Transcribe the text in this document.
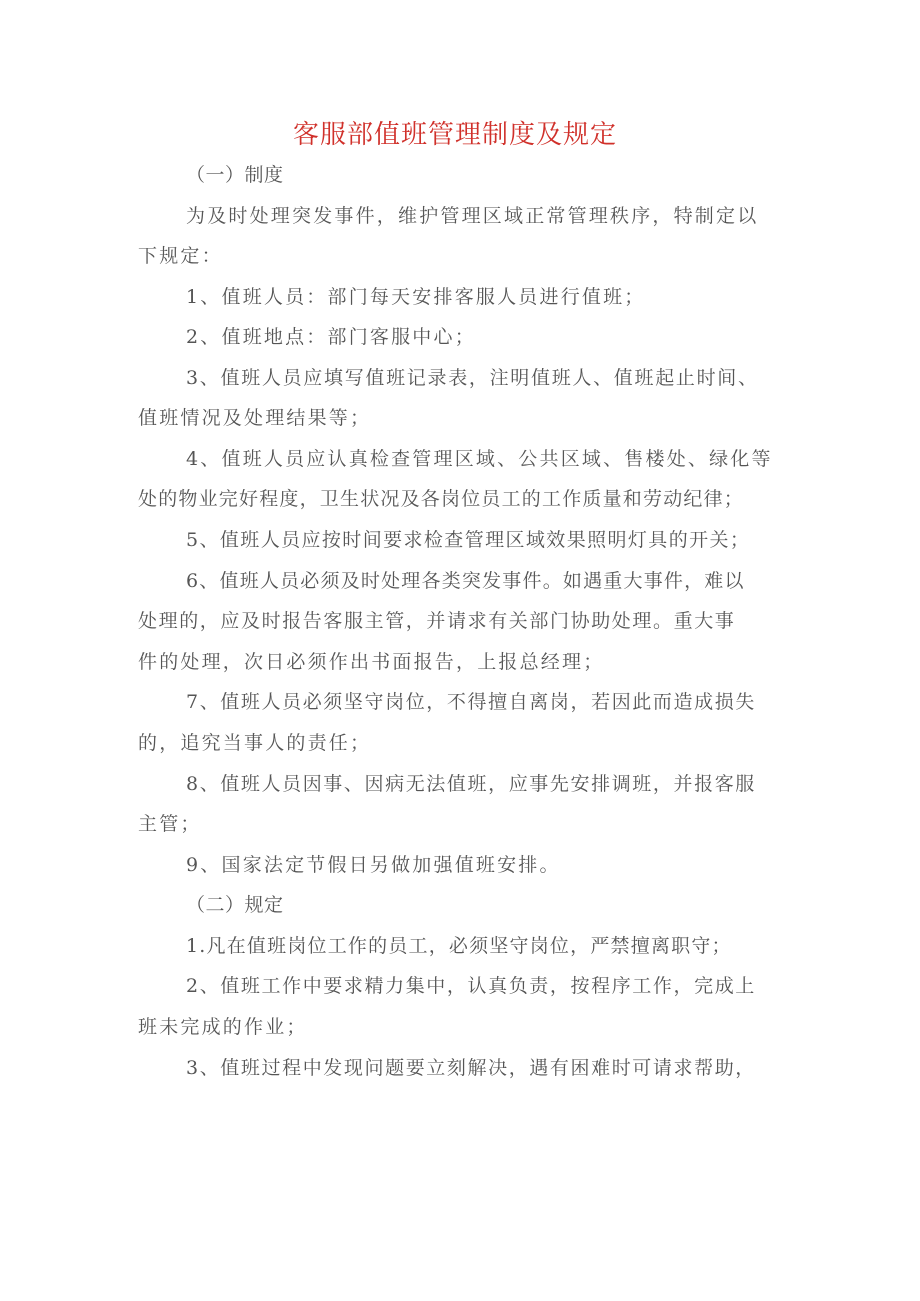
客服部值班管理制度及规定
（一）制度
为及时处理突发事件，维护管理区域正常管理秩序，特制定以
下规定：
1、值班人员：部门每天安排客服人员进行值班；
2、值班地点：部门客服中心；
3、值班人员应填写值班记录表，注明值班人、值班起止时间、
值班情况及处理结果等；
4、值班人员应认真检查管理区域、公共区域、售楼处、绿化等
处的物业完好程度，卫生状况及各岗位员工的工作质量和劳动纪律；
5、值班人员应按时间要求检查管理区域效果照明灯具的开关；
6、值班人员必须及时处理各类突发事件。如遇重大事件，难以
处理的，应及时报告客服主管，并请求有关部门协助处理。重大事
件的处理，次日必须作出书面报告，上报总经理；
7、值班人员必须坚守岗位，不得擅自离岗，若因此而造成损失
的，追究当事人的责任；
8、值班人员因事、因病无法值班，应事先安排调班，并报客服
主管；
9、国家法定节假日另做加强值班安排。
（二）规定
1.凡在值班岗位工作的员工，必须坚守岗位，严禁擅离职守；
2、值班工作中要求精力集中，认真负责，按程序工作，完成上
班未完成的作业；
3、值班过程中发现问题要立刻解决，遇有困难时可请求帮助，
